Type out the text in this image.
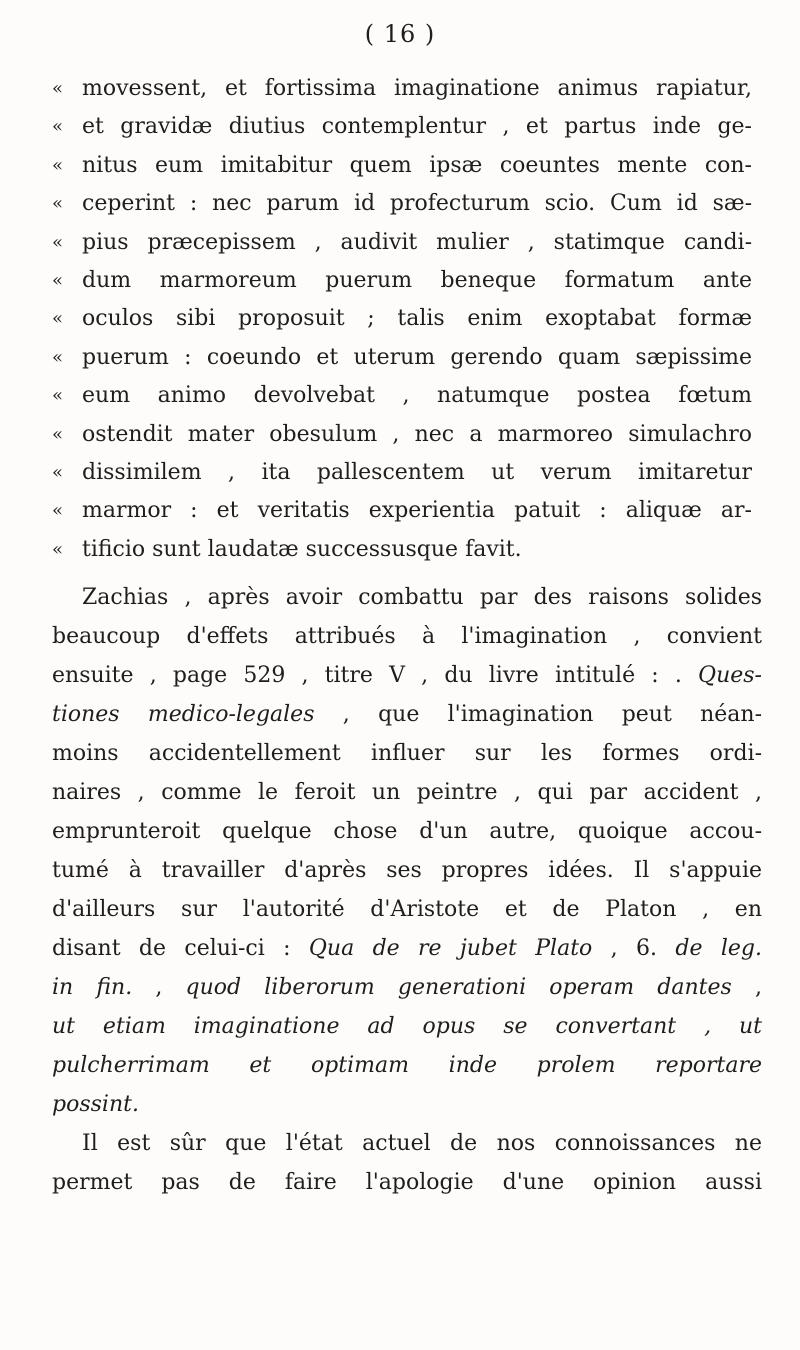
( 16 )
« movessent, et fortissima imaginatione animus rapiatur,
« et gravidæ diutius contemplentur , et partus inde ge-
« nitus eum imitabitur quem ipsæ coeuntes mente con-
« ceperint : nec parum id profecturum scio. Cum id sæ-
« pius præcepissem , audivit mulier , statimque candi-
« dum marmoreum puerum beneque formatum ante
« oculos sibi proposuit ; talis enim exoptabat formæ
« puerum : coeundo et uterum gerendo quam sæpissime
« eum animo devolvebat , natumque postea fœtum
« ostendit mater obesulum , nec a marmoreo simulachro
« dissimilem , ita pallescentem ut verum imitaretur
« marmor : et veritatis experientia patuit : aliquæ ar-
« tificio sunt laudatæ successusque favit.
Zachias , après avoir combattu par des raisons solides
beaucoup d'effets attribués à l'imagination , convient
ensuite , page 529 , titre V , du livre intitulé : . Ques-
tiones medico-legales , que l'imagination peut néan-
moins accidentellement influer sur les formes ordi-
naires , comme le feroit un peintre , qui par accident ,
emprunteroit quelque chose d'un autre, quoique accou-
tumé à travailler d'après ses propres idées. Il s'appuie
d'ailleurs sur l'autorité d'Aristote et de Platon , en
disant de celui-ci : Qua de re jubet Plato , 6. de leg.
in fin. , quod liberorum generationi operam dantes ,
ut etiam imaginatione ad opus se convertant , ut
pulcherrimam et optimam inde prolem reportare
possint.
Il est sûr que l'état actuel de nos connoissances ne
permet pas de faire l'apologie d'une opinion aussi
